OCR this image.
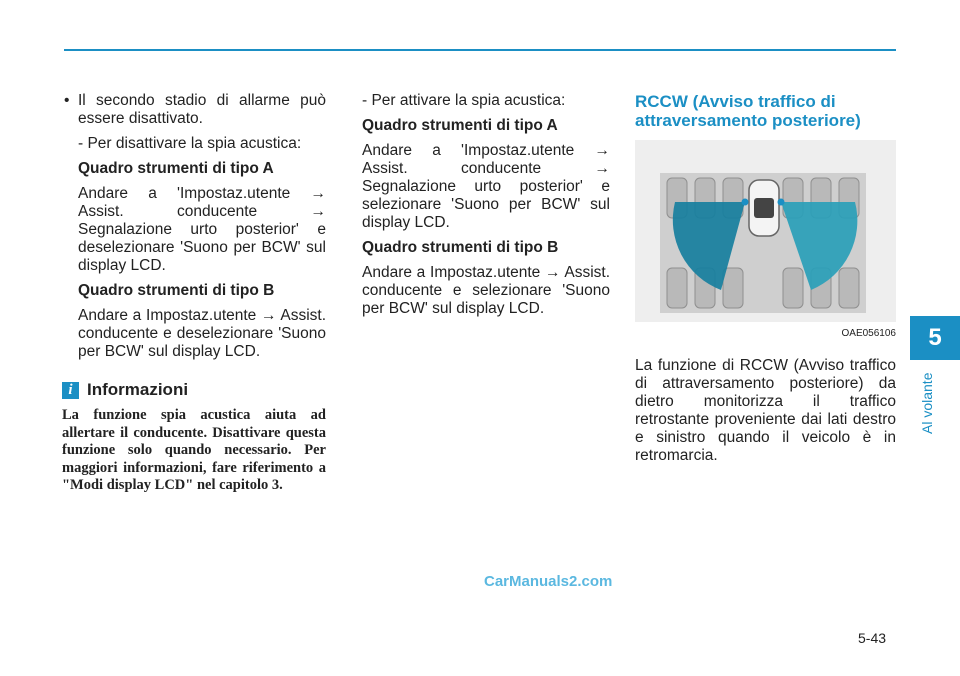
• Il secondo stadio di allarme può essere disattivato.

- Per disattivare la spia acustica:

Quadro strumenti di tipo A

Andare a 'Impostaz.utente → Assist. conducente → Segnalazione urto posterior' e deselezionare 'Suono per BCW' sul display LCD.

Quadro strumenti di tipo B

Andare a Impostaz.utente → Assist. conducente e deselezionare 'Suono per BCW' sul display LCD.

i Informazioni

La funzione spia acustica aiuta ad allertare il conducente. Disattivare questa funzione solo quando necessario. Per maggiori informazioni, fare riferimento a "Modi display LCD" nel capitolo 3.

- Per attivare la spia acustica:

Quadro strumenti di tipo A

Andare a 'Impostaz.utente → Assist. conducente → Segnalazione urto posterior' e selezionare 'Suono per BCW' sul display LCD.

Quadro strumenti di tipo B

Andare a Impostaz.utente → Assist. conducente e selezionare 'Suono per BCW' sul display LCD.

RCCW (Avviso traffico di attraversamento posteriore)
OAE056106

La funzione di RCCW (Avviso traffico di attraversamento posteriore) da dietro monitorizza il traffico retrostante proveniente dai lati destro e sinistro quando il veicolo è in retromarcia.

5
Al volante
CarManuals2.com
5-43
